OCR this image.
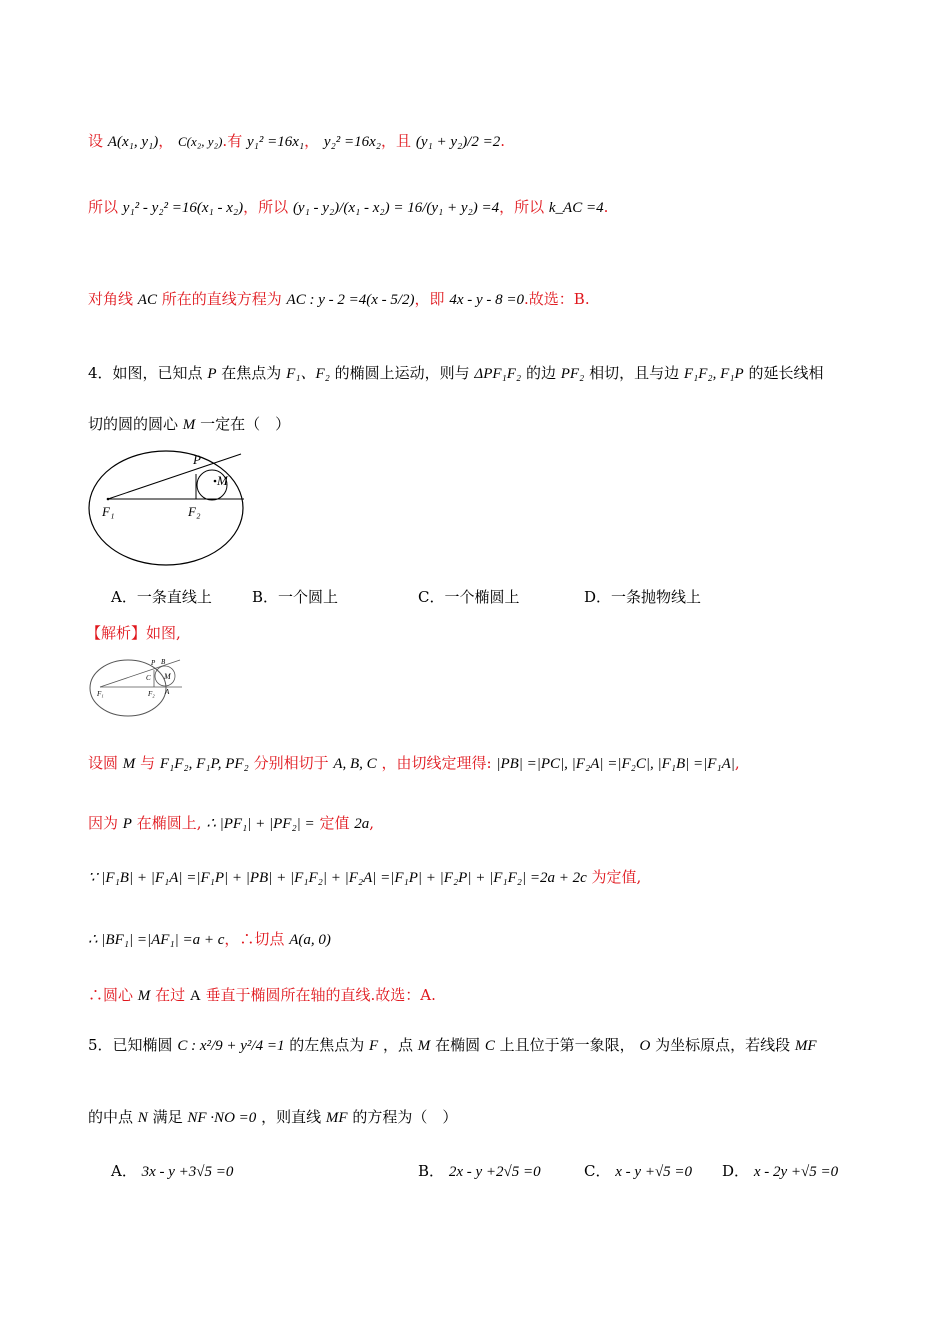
设 A(x₁, y₁)， C(x₂, y₂).有 y₁² =16x₁， y₂² =16x₂，且 (y₁ + y₂)/2 =2.
所以 y₁² - y₂² =16(x₁ - x₂)，所以 (y₁ - y₂)/(x₁ - x₂) = 16/(y₁ + y₂) =4，所以 k_AC =4.
对角线 AC 所在的直线方程为 AC : y - 2 =4(x - 5/2)，即 4x - y - 8 =0.故选：B.
4．如图，已知点 P 在焦点为 F₁、F₂ 的椭圆上运动，则与 ΔPF₁F₂ 的边 PF₂ 相切，且与边 F₁F₂, F₁P 的延长线相
切的圆的圆心 M 一定在（　）
P
M
F₁	F₂
A．一条直线上	B．一个圆上	C．一个椭圆上	D．一条抛物线上
【解析】如图,
P B
C M
A
F₁	F₂
设圆 M 与 F₁F₂, F₁P, PF₂ 分别相切于 A, B, C ，由切线定理得: |PB| =|PC|, |F₂A| =|F₂C|, |F₁B| =|F₁A|,
因为 P 在椭圆上, ∴ |PF₁| + |PF₂| = 定值 2a,
∵ |F₁B| + |F₁A| =|F₁P| + |PB| + |F₁F₂| + |F₂A| =|F₁P| + |F₂P| + |F₁F₂| =2a + 2c 为定值,
∴ |BF₁| =|AF₁| =a + c，∴切点 A(a, 0)
∴圆心 M 在过 A 垂直于椭圆所在轴的直线.故选：A.
5．已知椭圆 C : x²/9 + y²/4 =1 的左焦点为 F ，点 M 在椭圆 C 上且位于第一象限， O 为坐标原点，若线段 MF
的中点 N 满足 NF ·NO =0 ，则直线 MF 的方程为（　）
A． 3x - y +3√5 =0	B． 2x - y +2√5 =0	C． x - y +√5 =0 D． x - 2y +√5 =0
